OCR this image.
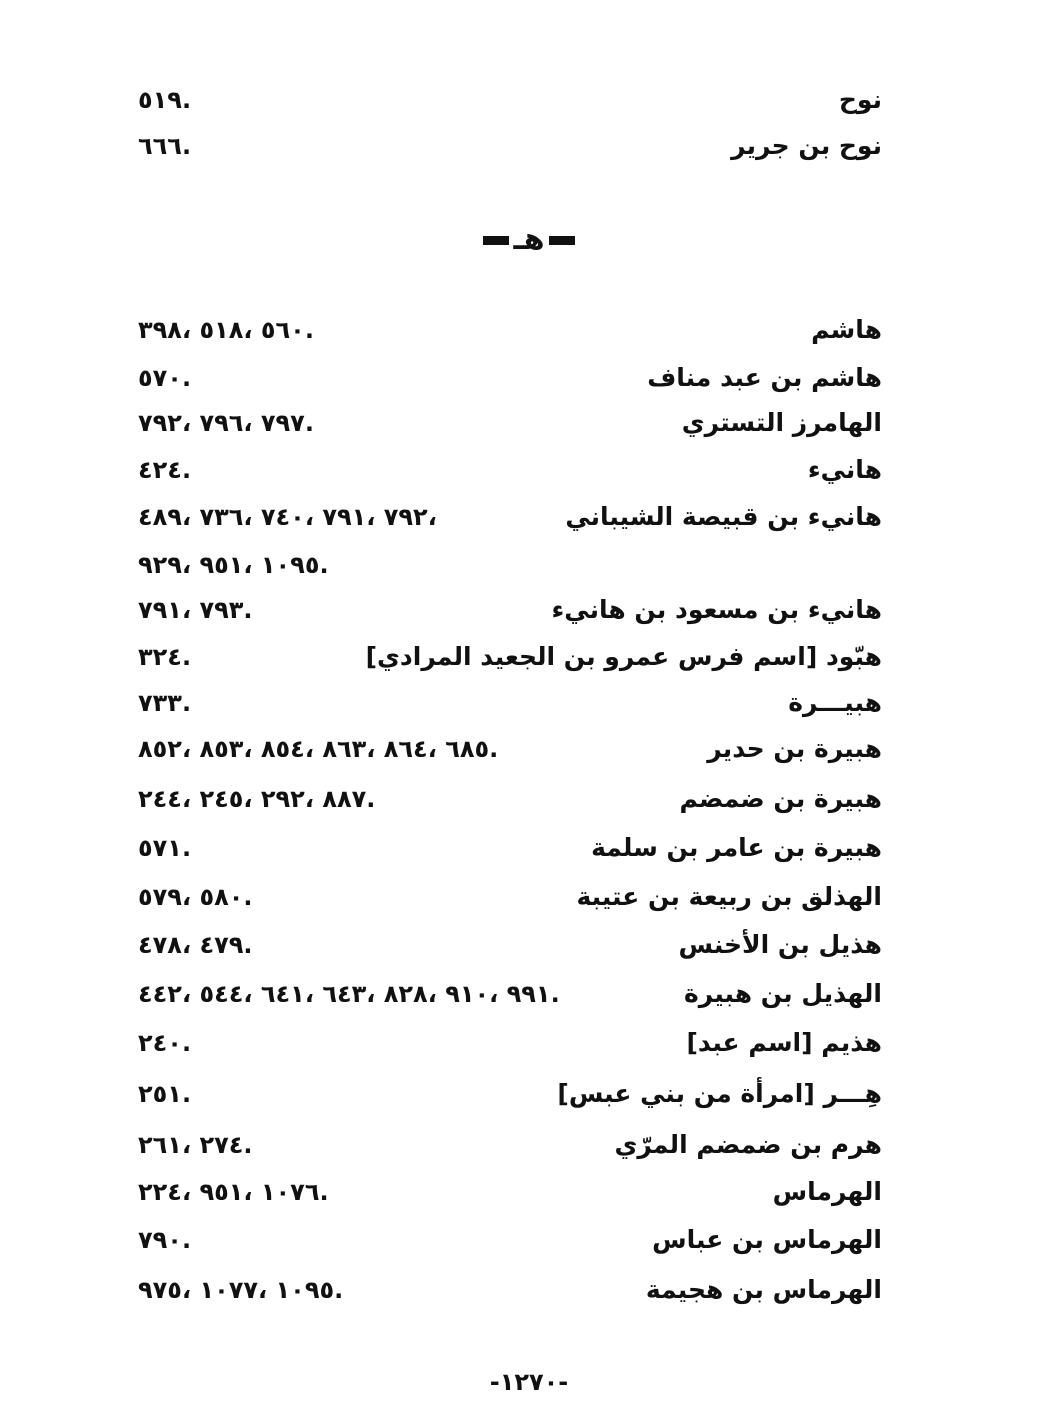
نوح
.٥١٩
نوح بن جرير
.٦٦٦
هـ
هاشم
.٥٦٠ ،٥١٨ ،٣٩٨
هاشم بن عبد مناف
.٥٧٠
الهامرز التستري
.٧٩٧ ،٧٩٦ ،٧٩٢
هانيء
.٤٢٤
هانيء بن قبيصة الشيباني
،٧٩٢ ،٧٩١ ،٧٤٠ ،٧٣٦ ،٤٨٩
.١٠٩٥ ،٩٥١ ،٩٢٩
هانيء بن مسعود بن هانيء
.٧٩٣ ،٧٩١
هبّود [اسم فرس عمرو بن الجعيد المرادي]
.٣٢٤
هبيـــرة
.٧٣٣
هبيرة بن حدير
.٦٨٥ ،٨٦٤ ،٨٦٣ ،٨٥٤ ،٨٥٣ ،٨٥٢
هبيرة بن ضمضم
.٨٨٧ ،٢٩٢ ،٢٤٥ ،٢٤٤
هبيرة بن عامر بن سلمة
.٥٧١
الهذلق بن ربيعة بن عتيبة
.٥٨٠ ،٥٧٩
هذيل بن الأخنس
.٤٧٩ ،٤٧٨
الهذيل بن هبيرة
.٩٩١ ،٩١٠ ،٨٢٨ ،٦٤٣ ،٦٤١ ،٥٤٤ ،٤٤٢
هذيم [اسم عبد]
.٢٤٠
هِـــر [امرأة من بني عبس]
.٢٥١
هرم بن ضمضم المرّي
.٢٧٤ ،٢٦١
الهرماس
.١٠٧٦ ،٩٥١ ،٢٢٤
الهرماس بن عباس
.٧٩٠
الهرماس بن هجيمة
.١٠٩٥ ،١٠٧٧ ،٩٧٥
-١٢٧٠-
